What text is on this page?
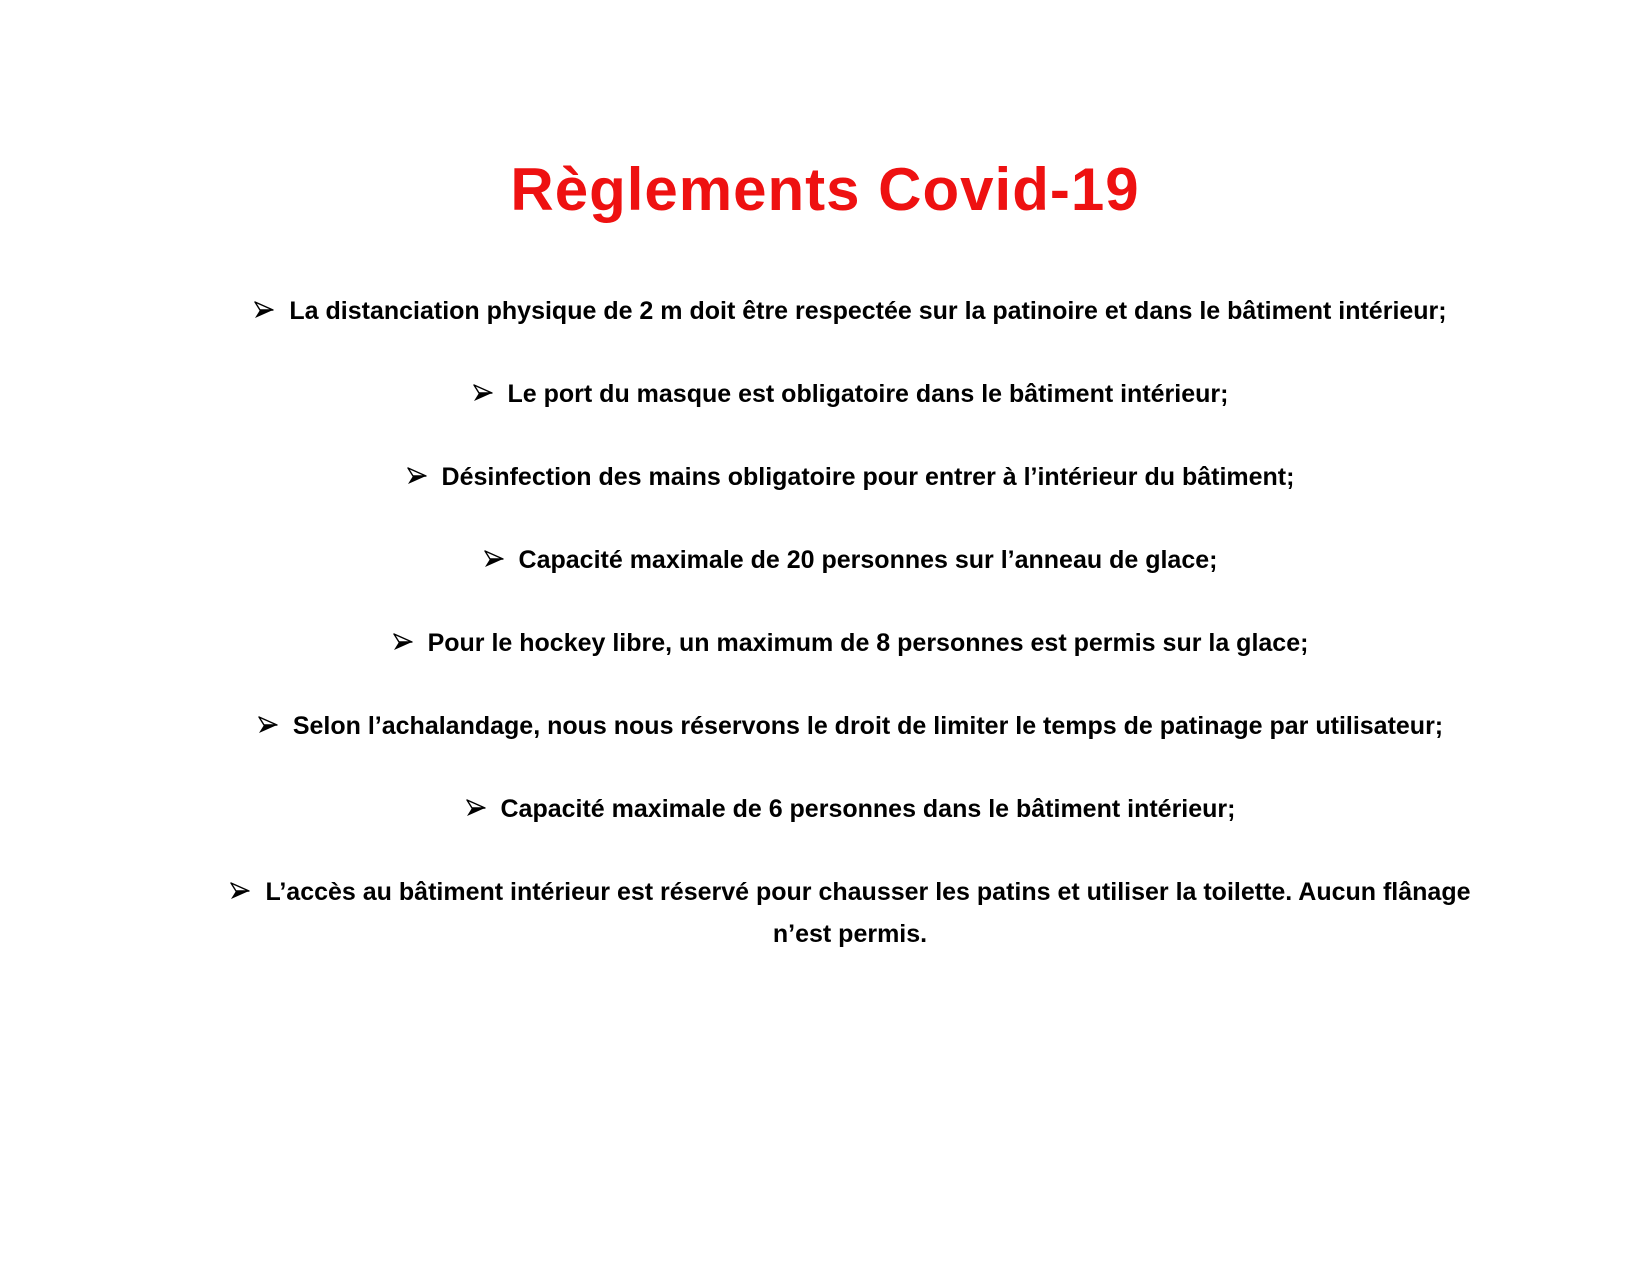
Règlements Covid-19
La distanciation physique de 2 m doit être respectée sur la patinoire et dans le bâtiment intérieur;
Le port du masque est obligatoire dans le bâtiment intérieur;
Désinfection des mains obligatoire pour entrer à l’intérieur du bâtiment;
Capacité maximale de 20 personnes sur l’anneau de glace;
Pour le hockey libre, un maximum de 8 personnes est permis sur la glace;
Selon l’achalandage, nous nous réservons le droit de limiter le temps de patinage par utilisateur;
Capacité maximale de 6 personnes dans le bâtiment intérieur;
L’accès au bâtiment intérieur est réservé pour chausser les patins et utiliser la toilette. Aucun flânage n’est permis.
